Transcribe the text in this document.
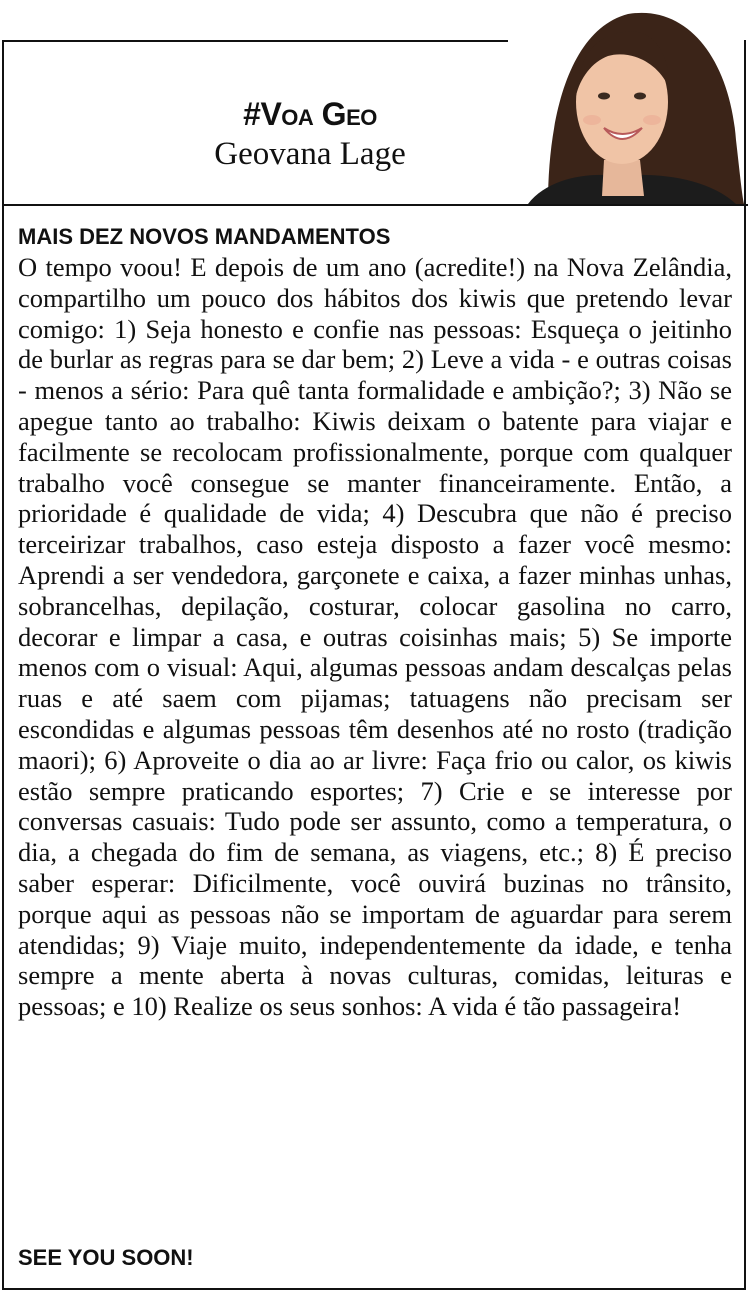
#Voa Geo
Geovana Lage
MAIS DEZ NOVOS MANDAMENTOS

O tempo voou! E depois de um ano (acredite!) na Nova Zelândia, compartilho um pouco dos hábitos dos kiwis que pretendo levar comigo: 1) Seja honesto e confie nas pessoas: Esqueça o jeitinho de burlar as regras para se dar bem; 2) Leve a vida - e outras coisas - menos a sério: Para quê tanta formalidade e ambição?; 3) Não se apegue tanto ao trabalho: Kiwis deixam o batente para viajar e facilmente se recolocam profissionalmente, porque com qualquer trabalho você consegue se manter financeiramente. Então, a prioridade é qualidade de vida; 4) Descubra que não é preciso terceirizar trabalhos, caso esteja disposto a fazer você mesmo: Aprendi a ser vendedora, garçonete e caixa, a fazer minhas unhas, sobrancelhas, depilação, costurar, colocar gasolina no carro, decorar e limpar a casa, e outras coisinhas mais; 5) Se importe menos com o visual: Aqui, algumas pessoas andam descalças pelas ruas e até saem com pijamas; tatuagens não precisam ser escondidas e algumas pessoas têm desenhos até no rosto (tradição maori); 6) Aproveite o dia ao ar livre: Faça frio ou calor, os kiwis estão sempre praticando esportes; 7) Crie e se interesse por conversas casuais: Tudo pode ser assunto, como a temperatura, o dia, a chegada do fim de semana, as viagens, etc.; 8) É preciso saber esperar: Dificilmente, você ouvirá buzinas no trânsito, porque aqui as pessoas não se importam de aguardar para serem atendidas; 9) Viaje muito, independentemente da idade, e tenha sempre a mente aberta à novas culturas, comidas, leituras e pessoas; e 10) Realize os seus sonhos: A vida é tão passageira!

SEE YOU SOON!
